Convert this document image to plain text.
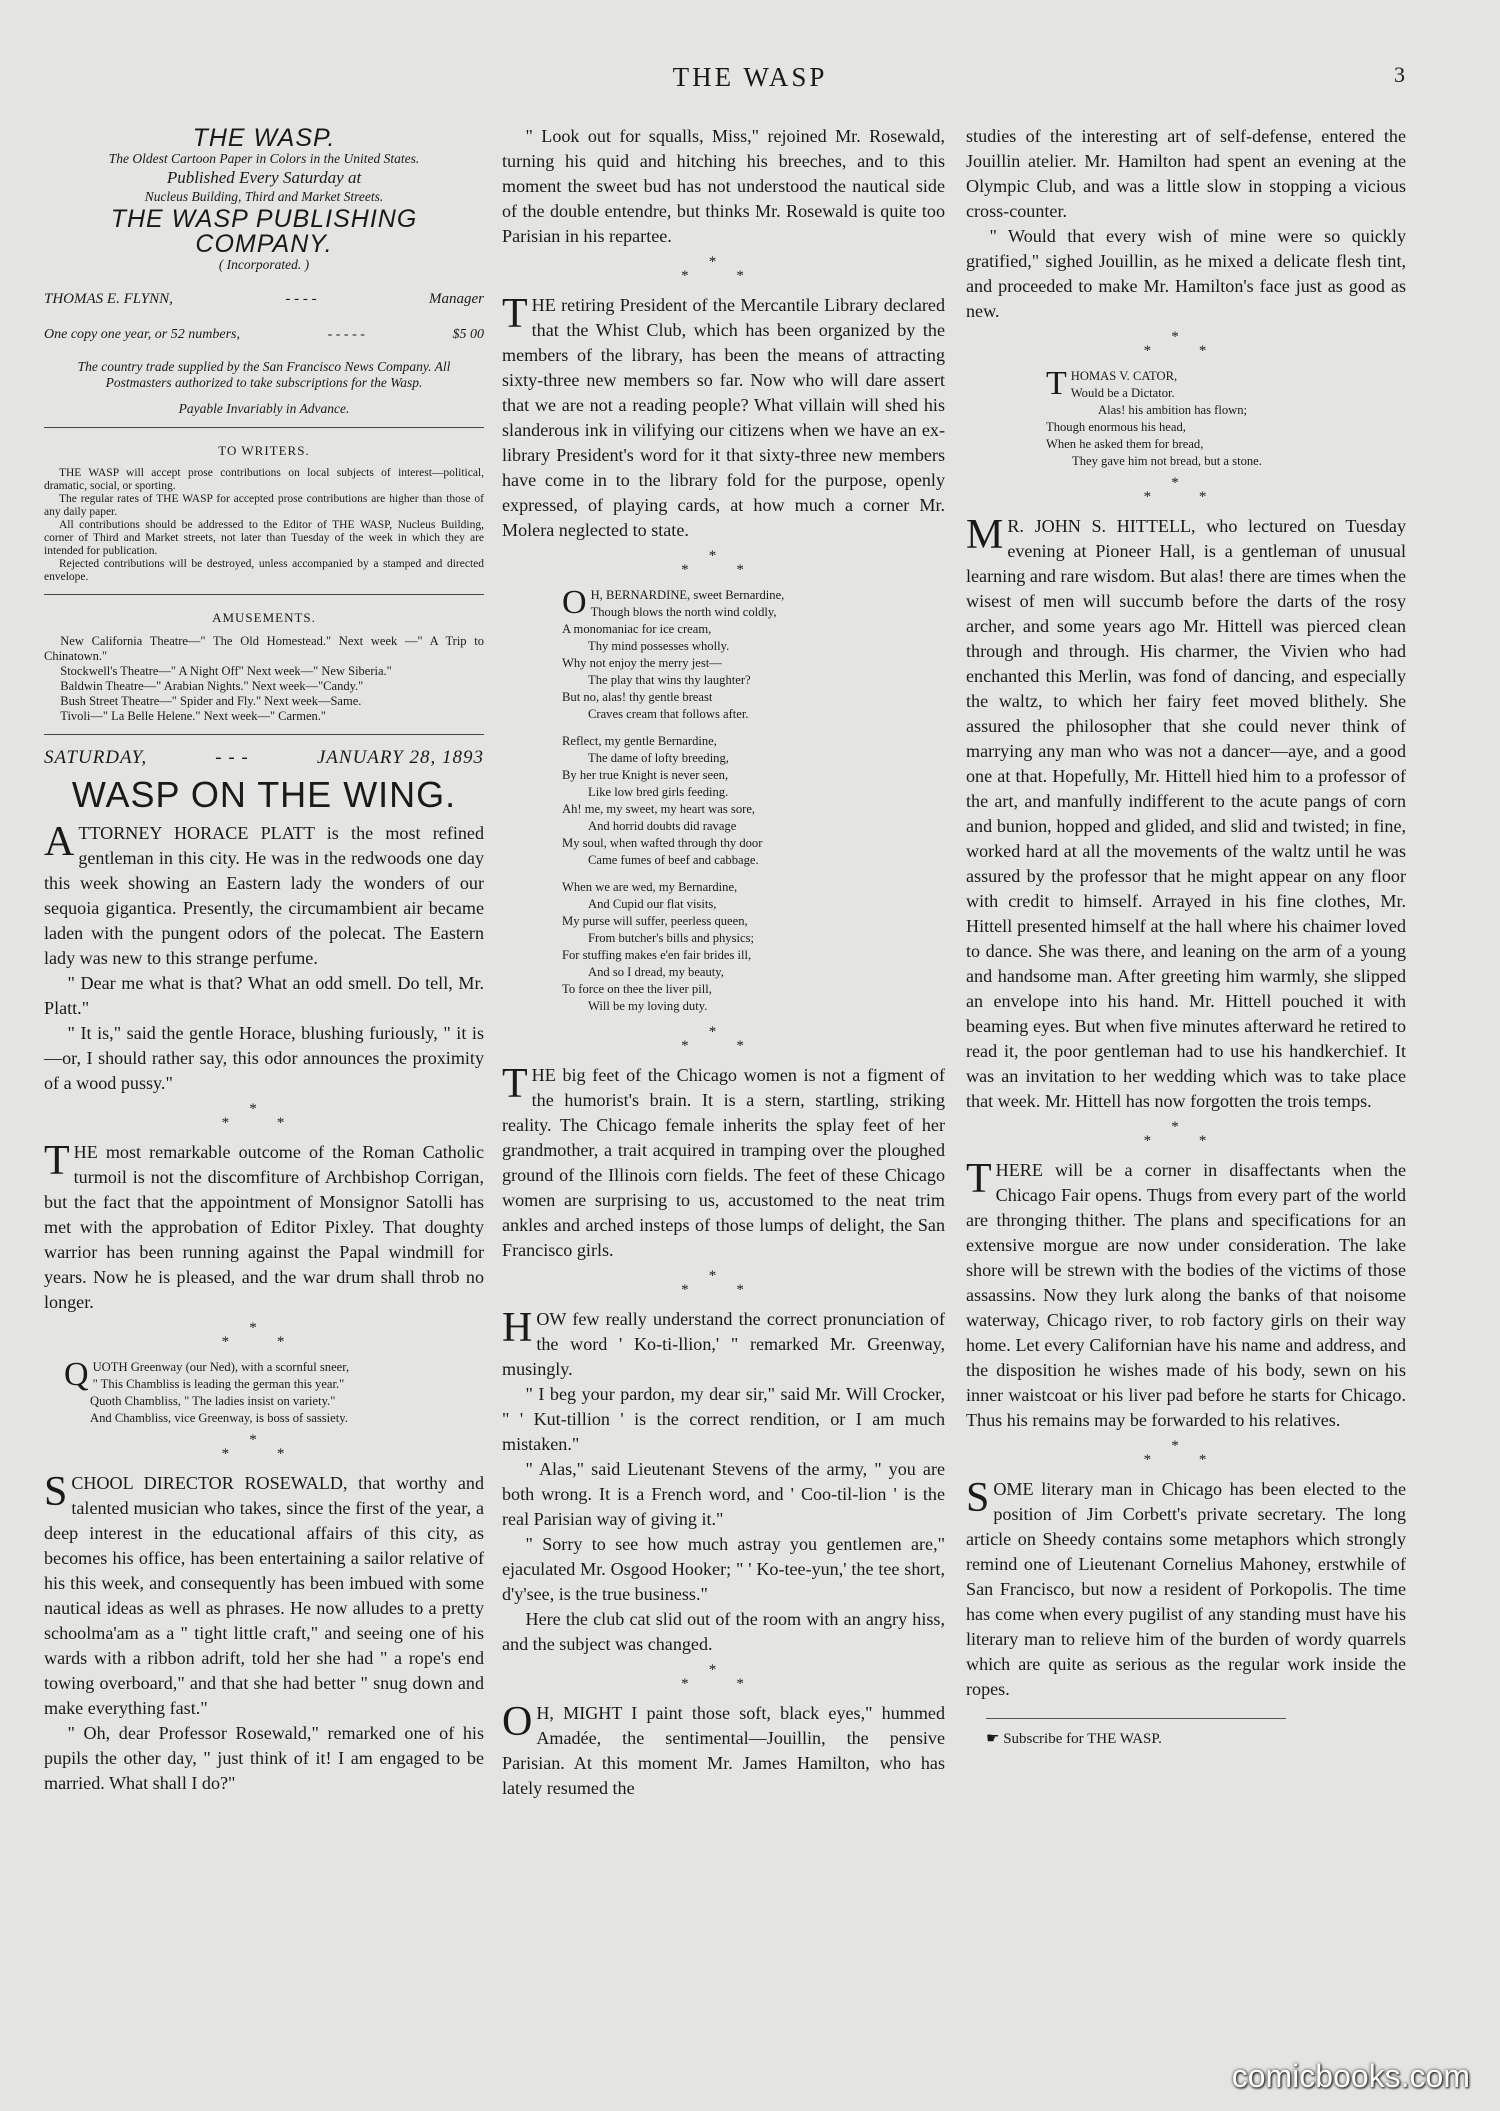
THE WASP	3
THE WASP.
The Oldest Cartoon Paper in Colors in the United States.
Published Every Saturday at
Nucleus Building, Third and Market Streets.
THE WASP PUBLISHING COMPANY.
( Incorporated. )
THOMAS E. FLYNN,	- - - -	Manager
One copy one year, or 52 numbers,	- - - - -	$5 00
The country trade supplied by the San Francisco News Company. All Postmasters authorized to take subscriptions for the Wasp.
Payable Invariably in Advance.
TO WRITERS.

THE WASP will accept prose contributions on local subjects of interest—political, dramatic, social, or sporting.

The regular rates of THE WASP for accepted prose contributions are higher than those of any daily paper.

All contributions should be addressed to the Editor of THE WASP, Nucleus Building, corner of Third and Market streets, not later than Tuesday of the week in which they are intended for publication.

Rejected contributions will be destroyed, unless accompanied by a stamped and directed envelope.

AMUSEMENTS.

New California Theatre—" The Old Homestead." Next week —" A Trip to Chinatown."

Stockwell's Theatre—" A Night Off" Next week—" New Siberia."

Baldwin Theatre—" Arabian Nights." Next week—"Candy."

Bush Street Theatre—" Spider and Fly." Next week—Same.

Tivoli—" La Belle Helene." Next week—" Carmen."

SATURDAY,	- - -	JANUARY 28, 1893
WASP ON THE WING.

ATTORNEY HORACE PLATT is the most refined gentleman in this city. He was in the redwoods one day this week showing an Eastern lady the wonders of our sequoia gigantica. Presently, the circumambient air became laden with the pungent odors of the polecat. The Eastern lady was new to this strange perfume.

" Dear me what is that? What an odd smell. Do tell, Mr. Platt."

" It is," said the gentle Horace, blushing furiously, " it is—or, I should rather say, this odor announces the proximity of a wood pussy."

*
* *

THE most remarkable outcome of the Roman Catholic turmoil is not the discomfiture of Archbishop Corrigan, but the fact that the appointment of Monsignor Satolli has met with the approbation of Editor Pixley. That doughty warrior has been running against the Papal windmill for years. Now he is pleased, and the war drum shall throb no longer.

*
* *
Q UOTH Greenway (our Ned), with a scornful sneer,
" This Chambliss is leading the german this year."
Quoth Chambliss, " The ladies insist on variety."
And Chambliss, vice Greenway, is boss of sassiety.
*
* *

SCHOOL DIRECTOR ROSEWALD, that worthy and talented musician who takes, since the first of the year, a deep interest in the educational affairs of this city, as becomes his office, has been entertaining a sailor relative of his this week, and consequently has been imbued with some nautical ideas as well as phrases. He now alludes to a pretty schoolma'am as a " tight little craft," and seeing one of his wards with a ribbon adrift, told her she had " a rope's end towing overboard," and that she had better " snug down and make everything fast."

" Oh, dear Professor Rosewald," remarked one of his pupils the other day, " just think of it! I am engaged to be married. What shall I do?"

" Look out for squalls, Miss," rejoined Mr. Rosewald, turning his quid and hitching his breeches, and to this moment the sweet bud has not understood the nautical side of the double entendre, but thinks Mr. Rosewald is quite too Parisian in his repartee.

*
* *

THE retiring President of the Mercantile Library declared that the Whist Club, which has been organized by the members of the library, has been the means of attracting sixty-three new members so far. Now who will dare assert that we are not a reading people? What villain will shed his slanderous ink in vilifying our citizens when we have an ex-library President's word for it that sixty-three new members have come in to the library fold for the purpose, openly expressed, of playing cards, at how much a corner Mr. Molera neglected to state.

*
* *
O H, BERNARDINE, sweet Bernardine,
Though blows the north wind coldly,
A monomaniac for ice cream,
Thy mind possesses wholly.
Why not enjoy the merry jest—
The play that wins thy laughter?
But no, alas! thy gentle breast
Craves cream that follows after.
Reflect, my gentle Bernardine,
The dame of lofty breeding,
By her true Knight is never seen,
Like low bred girls feeding.
Ah! me, my sweet, my heart was sore,
And horrid doubts did ravage
My soul, when wafted through thy door
Came fumes of beef and cabbage.
When we are wed, my Bernardine,
And Cupid our flat visits,
My purse will suffer, peerless queen,
From butcher's bills and physics;
For stuffing makes e'en fair brides ill,
And so I dread, my beauty,
To force on thee the liver pill,
Will be my loving duty.
*
* *

THE big feet of the Chicago women is not a figment of the humorist's brain. It is a stern, startling, striking reality. The Chicago female inherits the splay feet of her grandmother, a trait acquired in tramping over the ploughed ground of the Illinois corn fields. The feet of these Chicago women are surprising to us, accustomed to the neat trim ankles and arched insteps of those lumps of delight, the San Francisco girls.

*
* *

HOW few really understand the correct pronunciation of the word ' Ko-ti-llion,' " remarked Mr. Greenway, musingly.

" I beg your pardon, my dear sir," said Mr. Will Crocker, " ' Kut-tillion ' is the correct rendition, or I am much mistaken."

" Alas," said Lieutenant Stevens of the army, " you are both wrong. It is a French word, and ' Coo-til-lion ' is the real Parisian way of giving it."

" Sorry to see how much astray you gentlemen are," ejaculated Mr. Osgood Hooker; " ' Ko-tee-yun,' the tee short, d'y'see, is the true business."

Here the club cat slid out of the room with an angry hiss, and the subject was changed.

*
* *

O H, MIGHT I paint those soft, black eyes," hummed Amadée, the sentimental—Jouillin, the pensive Parisian. At this moment Mr. James Hamilton, who has lately resumed the

studies of the interesting art of self-defense, entered the Jouillin atelier. Mr. Hamilton had spent an evening at the Olympic Club, and was a little slow in stopping a vicious cross-counter.

" Would that every wish of mine were so quickly gratified," sighed Jouillin, as he mixed a delicate flesh tint, and proceeded to make Mr. Hamilton's face just as good as new.

*
* *
T HOMAS V. CATOR,
Would be a Dictator.
Alas! his ambition has flown;
Though enormous his head,
When he asked them for bread,
They gave him not bread, but a stone.
*
* *

M R. JOHN S. HITTELL, who lectured on Tuesday evening at Pioneer Hall, is a gentleman of unusual learning and rare wisdom. But alas! there are times when the wisest of men will succumb before the darts of the rosy archer, and some years ago Mr. Hittell was pierced clean through and through. His charmer, the Vivien who had enchanted this Merlin, was fond of dancing, and especially the waltz, to which her fairy feet moved blithely. She assured the philosopher that she could never think of marrying any man who was not a dancer—aye, and a good one at that. Hopefully, Mr. Hittell hied him to a professor of the art, and manfully indifferent to the acute pangs of corn and bunion, hopped and glided, and slid and twisted; in fine, worked hard at all the movements of the waltz until he was assured by the professor that he might appear on any floor with credit to himself. Arrayed in his fine clothes, Mr. Hittell presented himself at the hall where his chaimer loved to dance. She was there, and leaning on the arm of a young and handsome man. After greeting him warmly, she slipped an envelope into his hand. Mr. Hittell pouched it with beaming eyes. But when five minutes afterward he retired to read it, the poor gentleman had to use his handkerchief. It was an invitation to her wedding which was to take place that week. Mr. Hittell has now forgotten the trois temps.

*
* *

THERE will be a corner in disaffectants when the Chicago Fair opens. Thugs from every part of the world are thronging thither. The plans and specifications for an extensive morgue are now under consideration. The lake shore will be strewn with the bodies of the victims of those assassins. Now they lurk along the banks of that noisome waterway, Chicago river, to rob factory girls on their way home. Let every Californian have his name and address, and the disposition he wishes made of his body, sewn on his inner waistcoat or his liver pad before he starts for Chicago. Thus his remains may be forwarded to his relatives.

*
* *

SOME literary man in Chicago has been elected to the position of Jim Corbett's private secretary. The long article on Sheedy contains some metaphors which strongly remind one of Lieutenant Cornelius Mahoney, erstwhile of San Francisco, but now a resident of Porkopolis. The time has come when every pugilist of any standing must have his literary man to relieve him of the burden of wordy quarrels which are quite as serious as the regular work inside the ropes.

☛ Subscribe for THE WASP.
comicbooks.com
